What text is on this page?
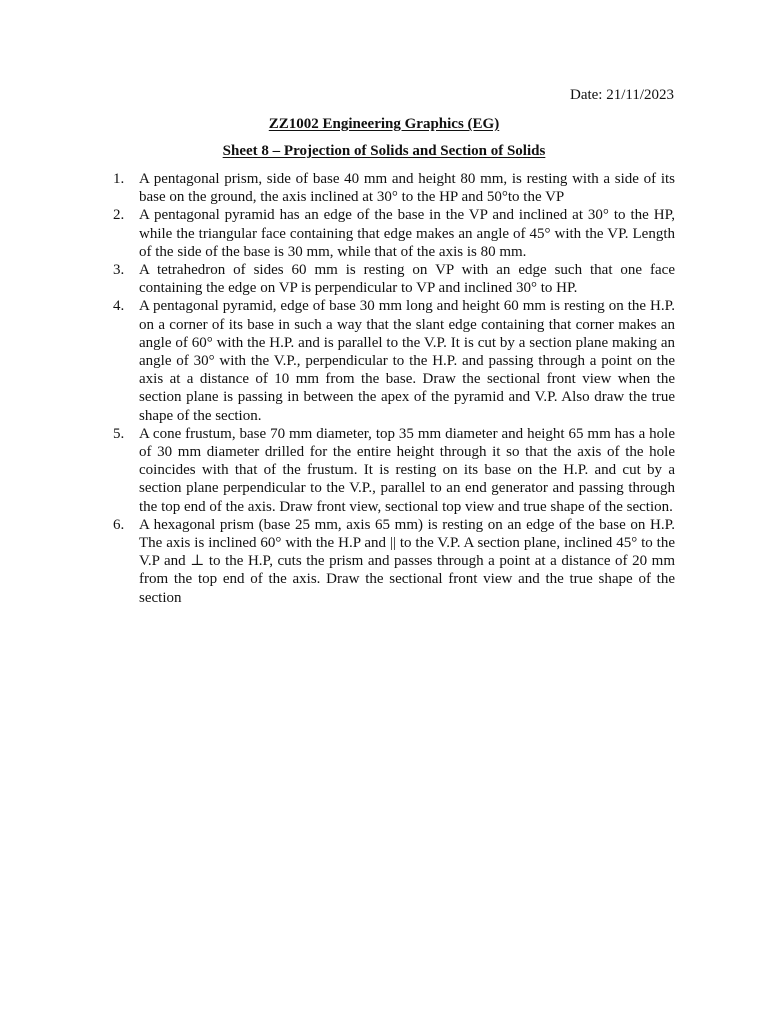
Date: 21/11/2023
ZZ1002 Engineering Graphics (EG)
Sheet 8 – Projection of Solids and Section of Solids
1. A pentagonal prism, side of base 40 mm and height 80 mm, is resting with a side of its base on the ground, the axis inclined at 30° to the HP and 50°to the VP
2. A pentagonal pyramid has an edge of the base in the VP and inclined at 30° to the HP, while the triangular face containing that edge makes an angle of 45° with the VP. Length of the side of the base is 30 mm, while that of the axis is 80 mm.
3. A tetrahedron of sides 60 mm is resting on VP with an edge such that one face containing the edge on VP is perpendicular to VP and inclined 30° to HP.
4. A pentagonal pyramid, edge of base 30 mm long and height 60 mm is resting on the H.P. on a corner of its base in such a way that the slant edge containing that corner makes an angle of 60° with the H.P. and is parallel to the V.P. It is cut by a section plane making an angle of 30° with the V.P., perpendicular to the H.P. and passing through a point on the axis at a distance of 10 mm from the base. Draw the sectional front view when the section plane is passing in between the apex of the pyramid and V.P. Also draw the true shape of the section.
5. A cone frustum, base 70 mm diameter, top 35 mm diameter and height 65 mm has a hole of 30 mm diameter drilled for the entire height through it so that the axis of the hole coincides with that of the frustum. It is resting on its base on the H.P. and cut by a section plane perpendicular to the V.P., parallel to an end generator and passing through the top end of the axis. Draw front view, sectional top view and true shape of the section.
6. A hexagonal prism (base 25 mm, axis 65 mm) is resting on an edge of the base on H.P. The axis is inclined 60° with the H.P and || to the V.P. A section plane, inclined 45° to the V.P and ⊥ to the H.P, cuts the prism and passes through a point at a distance of 20 mm from the top end of the axis. Draw the sectional front view and the true shape of the section
